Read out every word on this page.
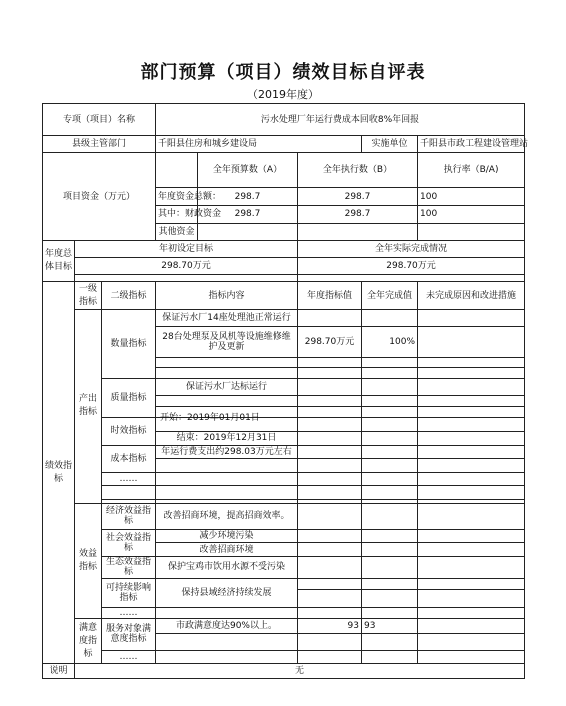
部门预算（项目）绩效目标自评表
（2019年度）
专项（项目）名称			污水处理厂年运行费成本回收8%年回报				
县级主管部门			千阳县住房和城乡建设局			实施单位	千阳县市政工程建设管理站
项目资金（万元）				全年预算数（A）	全年执行数（B）		执行率（B/A)
			年度资金总额：	298.7	298.7		100
			其中：财政资金	298.7	298.7		100
			其他资金				
年度总体目标	年初设定目标				全年实际完成情况		
	298.70万元				298.70万元		

绩效指标	一级指标	二级指标	指标内容		年度指标值	全年完成值	未完成原因和改进措施
	产出指标	数量指标	保证污水厂14座处理池正常运行				
			28台处理泵及风机等设施维修维护及更新		298.70万元	100%	

		质量指标	保证污水厂达标运行				

		时效指标	开始：2019年01月01日				

			结束：2019年12月31日				
		成本指标	年运行费支出约298.03万元左右				

		……					

	效益指标	经济效益指标	改善招商环境，提高招商效率。				
		社会效益指标	减少环境污染				
			改善招商环境				
		生态效益指标	保护宝鸡市饮用水源不受污染				
		可持续影响指标	保持县域经济持续发展				

		……					
	满意度指标	服务对象满意度指标	市政满意度达90%以上。		93	93	

		……					
说明	无						
